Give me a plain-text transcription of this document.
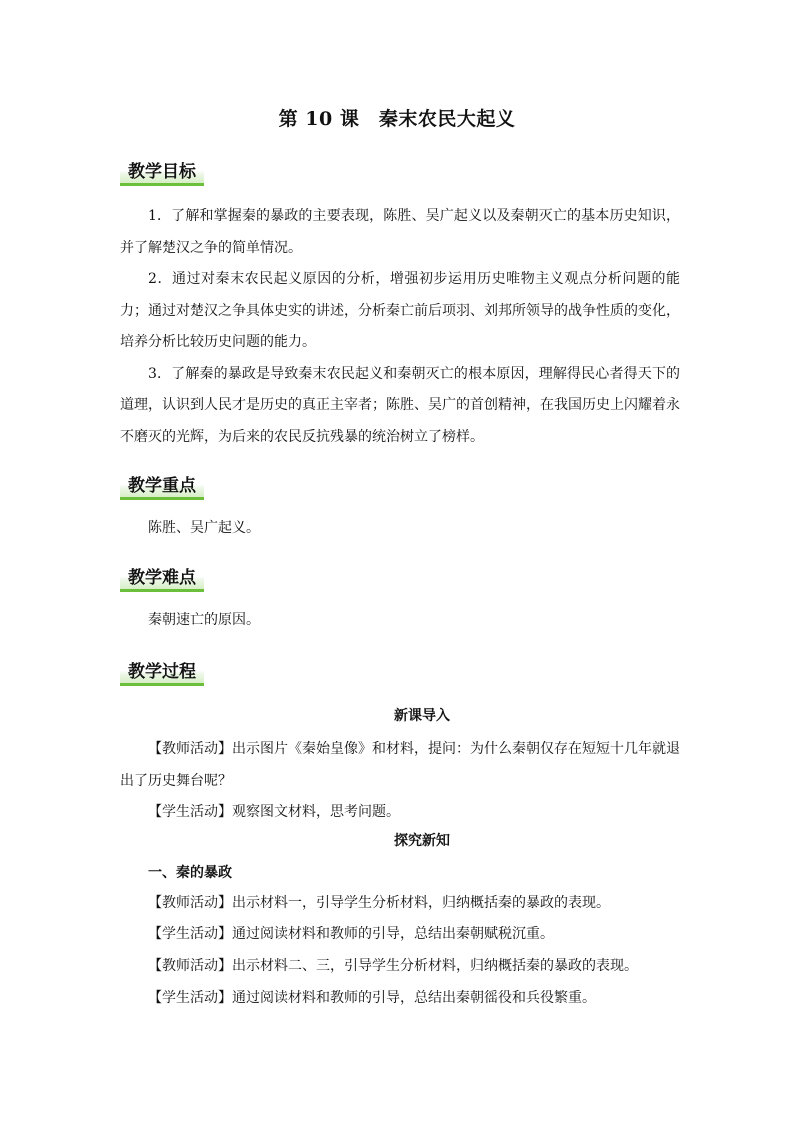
第 10 课　秦末农民大起义
教学目标

1．了解和掌握秦的暴政的主要表现，陈胜、吴广起义以及秦朝灭亡的基本历史知识，并了解楚汉之争的简单情况。

2．通过对秦末农民起义原因的分析，增强初步运用历史唯物主义观点分析问题的能力；通过对楚汉之争具体史实的讲述，分析秦亡前后项羽、刘邦所领导的战争性质的变化，培养分析比较历史问题的能力。

3．了解秦的暴政是导致秦末农民起义和秦朝灭亡的根本原因，理解得民心者得天下的道理，认识到人民才是历史的真正主宰者；陈胜、吴广的首创精神，在我国历史上闪耀着永不磨灭的光辉，为后来的农民反抗残暴的统治树立了榜样。

教学重点
陈胜、吴广起义。
教学难点
秦朝速亡的原因。
教学过程
新课导入

【教师活动】出示图片《秦始皇像》和材料，提问：为什么秦朝仅存在短短十几年就退出了历史舞台呢？

【学生活动】观察图文材料，思考问题。

探究新知
一、秦的暴政
【教师活动】出示材料一，引导学生分析材料，归纳概括秦的暴政的表现。
【学生活动】通过阅读材料和教师的引导，总结出秦朝赋税沉重。
【教师活动】出示材料二、三，引导学生分析材料，归纳概括秦的暴政的表现。
【学生活动】通过阅读材料和教师的引导，总结出秦朝徭役和兵役繁重。
